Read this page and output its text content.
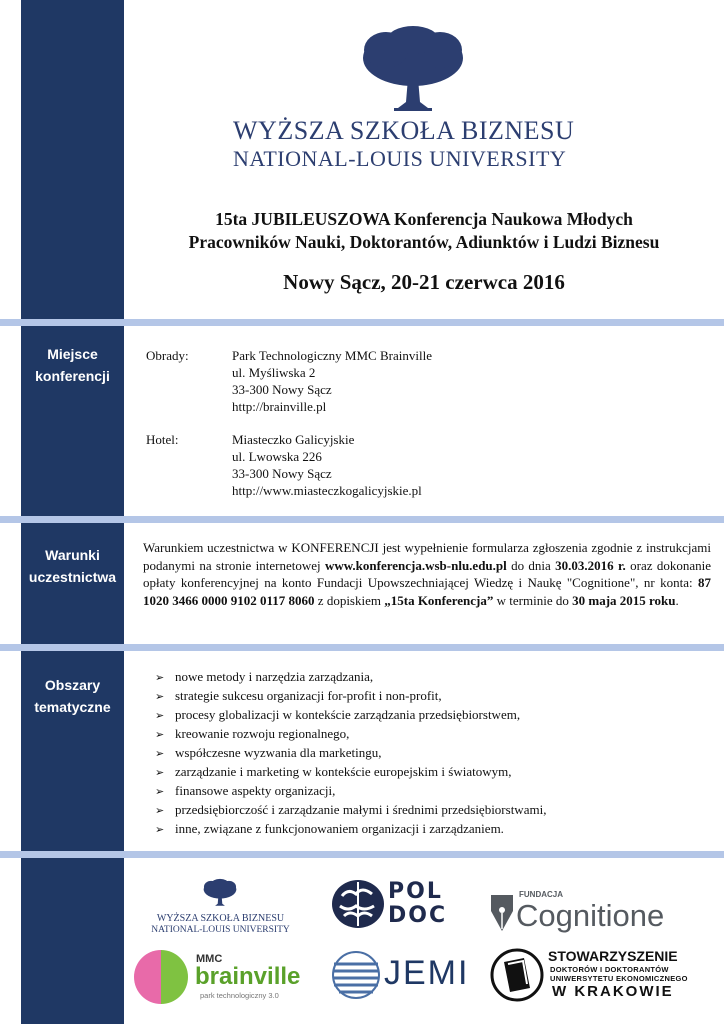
WYŻSZA SZKOŁA BIZNESU
NATIONAL-LOUIS UNIVERSITY
15ta JUBILEUSZOWA Konferencja Naukowa Młodych
Pracowników Nauki, Doktorantów, Adiunktów i Ludzi Biznesu
Nowy Sącz, 20-21 czerwca 2016
Miejsce
konferencji
Obrady:	Park Technologiczny MMC Brainville
ul. Myśliwska 2
33-300 Nowy Sącz
http://brainville.pl
Hotel:	Miasteczko Galicyjskie
ul. Lwowska 226
33-300 Nowy Sącz
http://www.miasteczkogalicyjskie.pl
Warunki
uczestnictwa
Warunkiem uczestnictwa w KONFERENCJI jest wypełnienie formularza zgłoszenia zgodnie z instrukcjami podanymi na stronie internetowej www.konferencja.wsb-nlu.edu.pl do dnia 30.03.2016 r. oraz dokonanie opłaty konferencyjnej na konto Fundacji Upowszechniającej Wiedzę i Naukę "Cognitione", nr konta: 87 1020 3466 0000 9102 0117 8060 z dopiskiem „15ta Konferencja” w terminie do 30 maja 2015 roku.
Obszary
tematyczne
➢ nowe metody i narzędzia zarządzania,
➢ strategie sukcesu organizacji for-profit i non-profit,
➢ procesy globalizacji w kontekście zarządzania przedsiębiorstwem,
➢ kreowanie rozwoju regionalnego,
➢ współczesne wyzwania dla marketingu,
➢ zarządzanie i marketing w kontekście europejskim i światowym,
➢ finansowe aspekty organizacji,
➢ przedsiębiorczość i zarządzanie małymi i średnimi przedsiębiorstwami,
➢ inne, związane z funkcjonowaniem organizacji i zarządzaniem.
WYŻSZA SZKOŁA BIZNESU
NATIONAL-LOUIS UNIVERSITY
POL DOC
FUNDACJA
Cognitione
MMC
brainville
park technologiczny 3.0
JEMI	STOWARZYSZENIE
DOKTORÓW I DOKTORANTÓW
UNIWERSYTETU EKONOMICZNEGO
W KRAKOWIE
